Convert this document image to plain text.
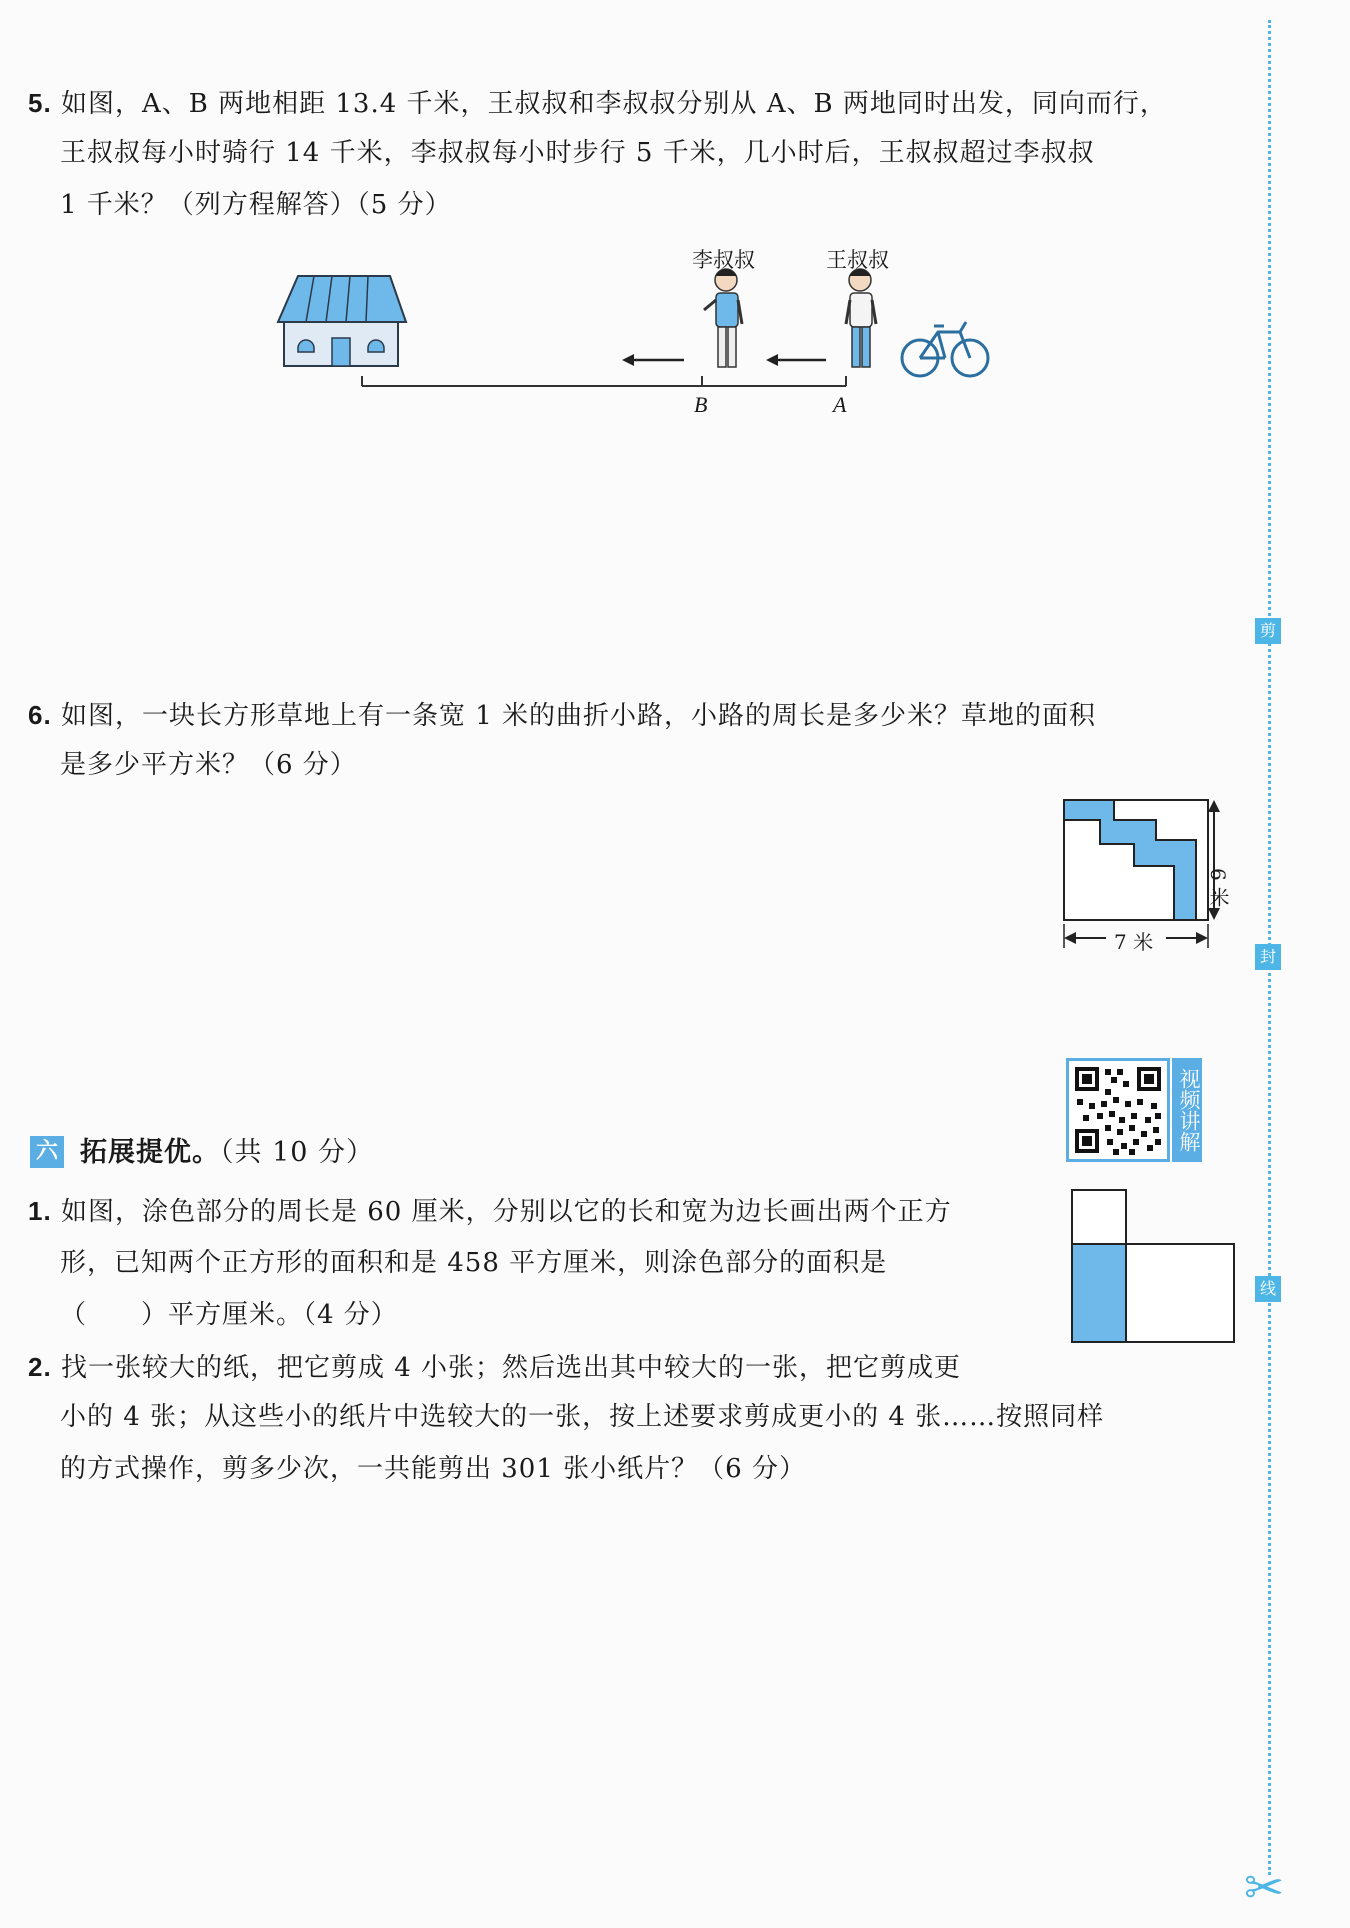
剪
封
线
✂
5. 如图，A、B 两地相距 13.4 千米，王叔叔和李叔叔分别从 A、B 两地同时出发，同向而行，
王叔叔每小时骑行 14 千米，李叔叔每小时步行 5 千米，几小时后，王叔叔超过李叔叔
1 千米？（列方程解答）（5 分）
李叔叔	王叔叔
B	A
6. 如图，一块长方形草地上有一条宽 1 米的曲折小路，小路的周长是多少米？草地的面积
是多少平方米？（6 分）
7 米
6 米
视频讲解
六 拓展提优。（共 10 分）
1. 如图，涂色部分的周长是 60 厘米，分别以它的长和宽为边长画出两个正方
形，已知两个正方形的面积和是 458 平方厘米，则涂色部分的面积是
（　　）平方厘米。（4 分）
2. 找一张较大的纸，把它剪成 4 小张；然后选出其中较大的一张，把它剪成更
小的 4 张；从这些小的纸片中选较大的一张，按上述要求剪成更小的 4 张……按照同样
的方式操作，剪多少次，一共能剪出 301 张小纸片？（6 分）
